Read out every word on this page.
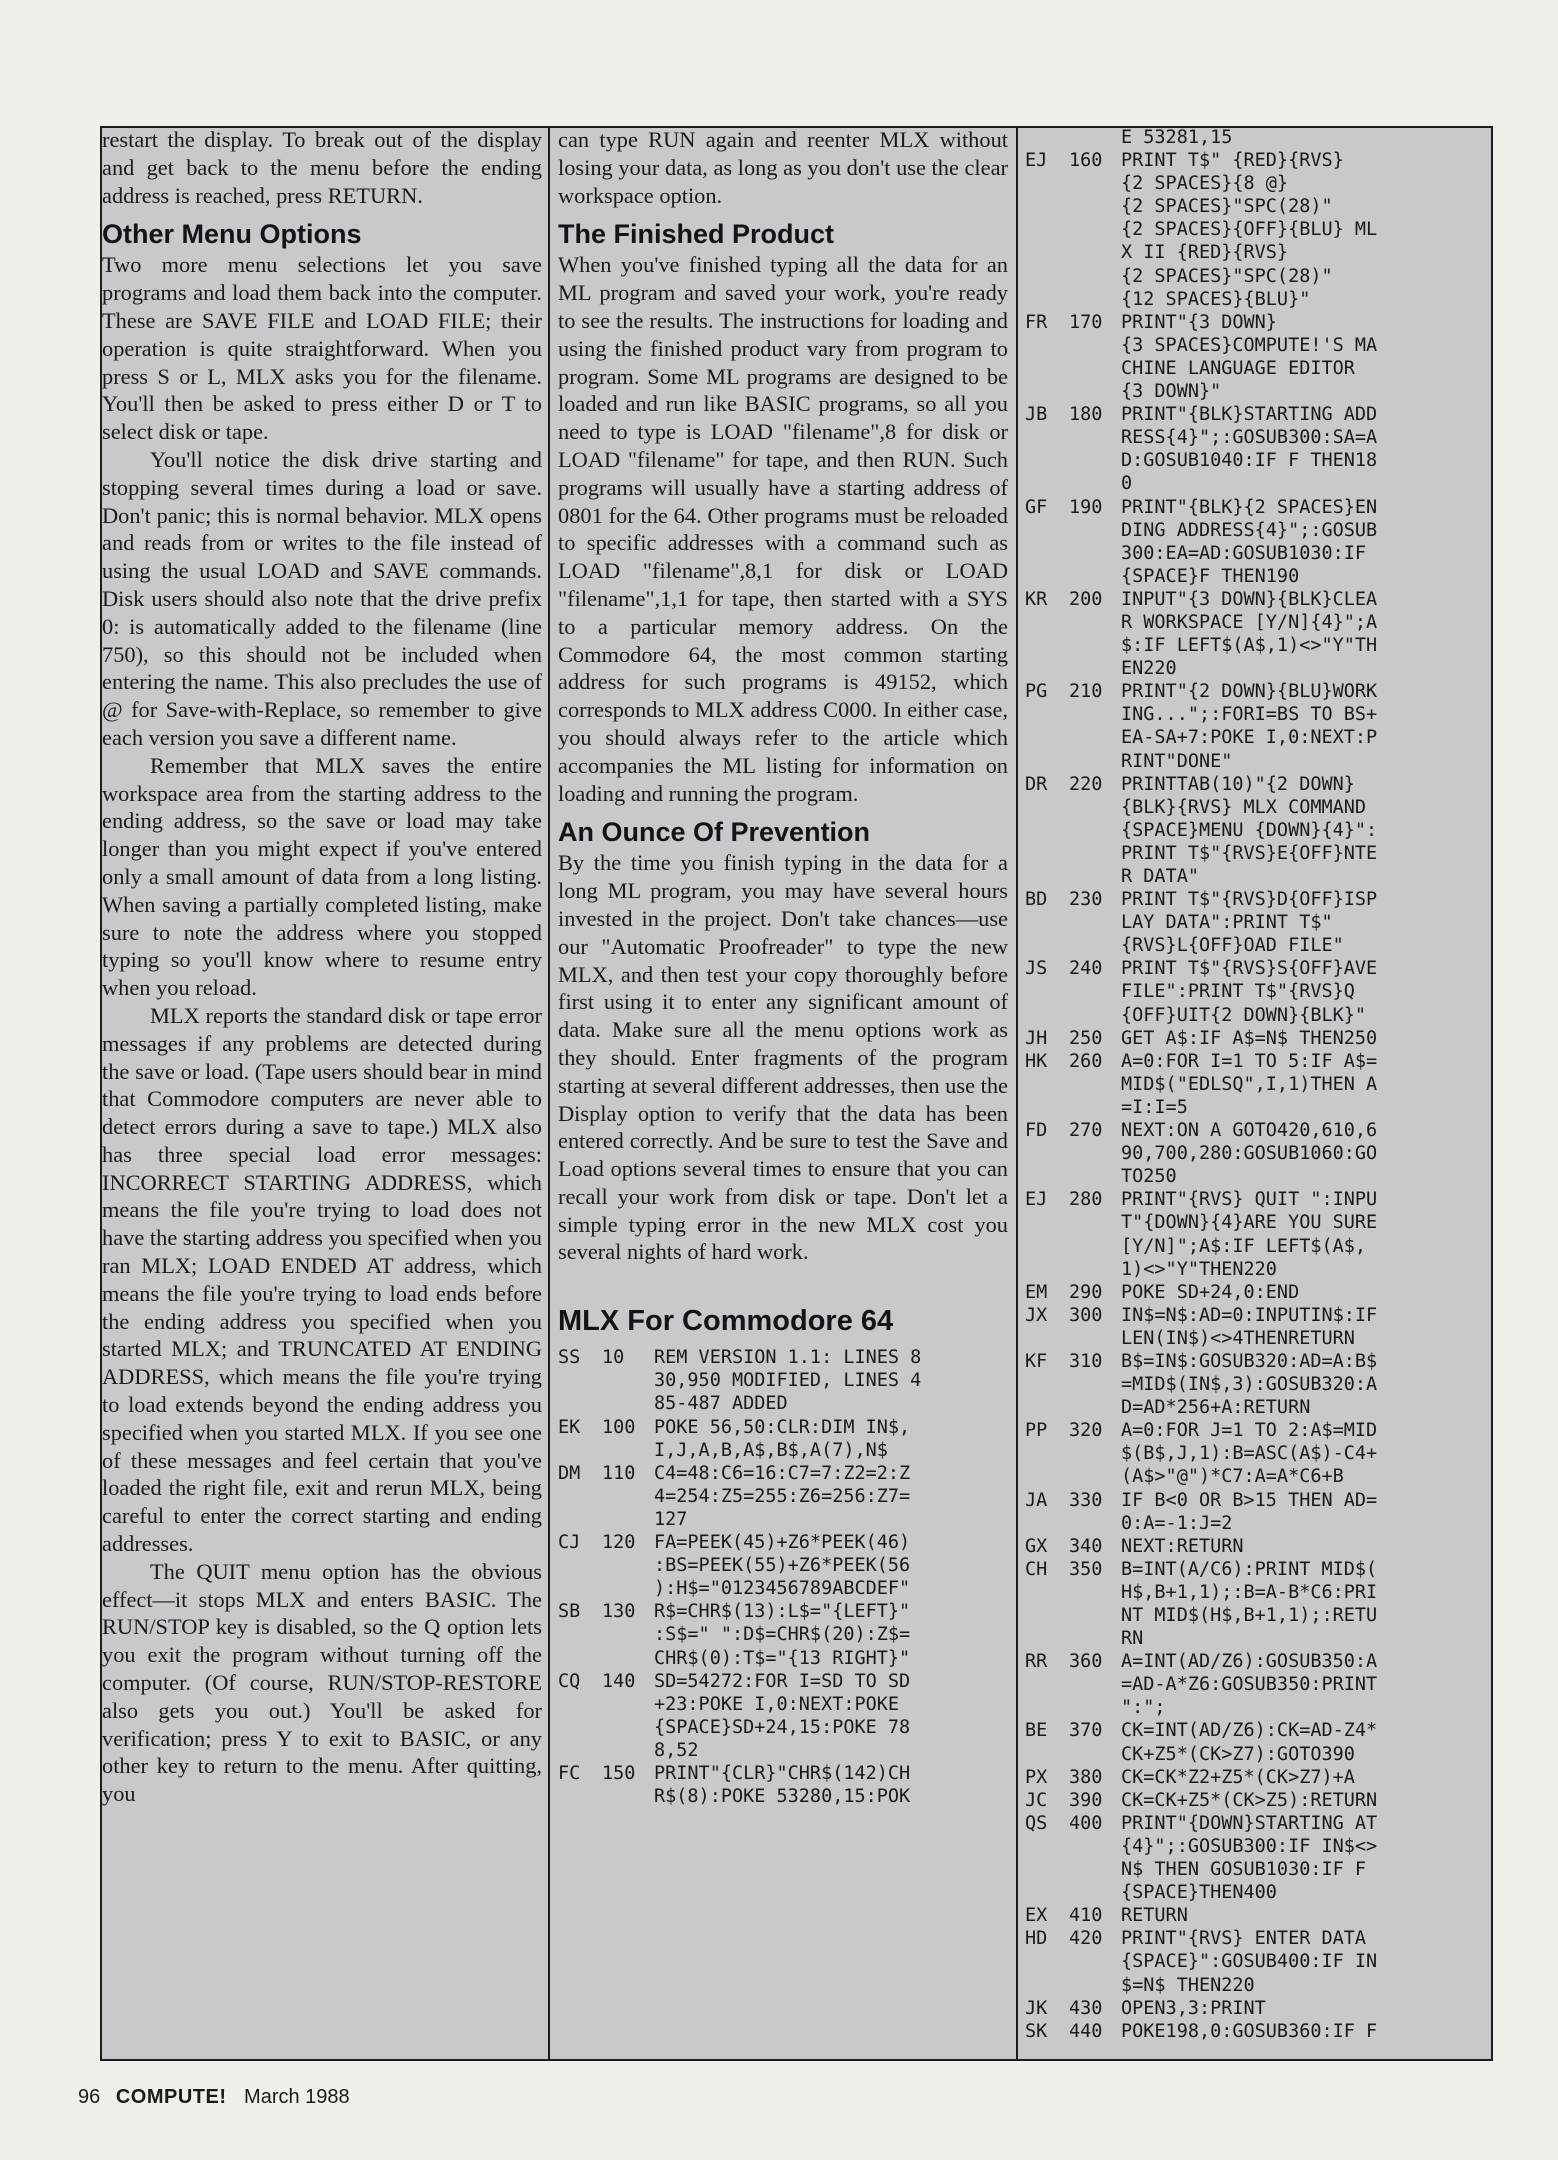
restart the display. To break out of the display and get back to the menu before the ending address is reached, press RETURN.

Other Menu Options

Two more menu selections let you save programs and load them back into the computer. These are SAVE FILE and LOAD FILE; their operation is quite straightforward. When you press S or L, MLX asks you for the filename. You'll then be asked to press either D or T to select disk or tape.

You'll notice the disk drive starting and stopping several times during a load or save. Don't panic; this is normal behavior. MLX opens and reads from or writes to the file instead of using the usual LOAD and SAVE commands. Disk users should also note that the drive prefix 0: is automatically added to the filename (line 750), so this should not be included when entering the name. This also precludes the use of @ for Save-with-Replace, so remember to give each version you save a different name.

Remember that MLX saves the entire workspace area from the starting address to the ending address, so the save or load may take longer than you might expect if you've entered only a small amount of data from a long listing. When saving a partially completed listing, make sure to note the address where you stopped typing so you'll know where to resume entry when you reload.

MLX reports the standard disk or tape error messages if any problems are detected during the save or load. (Tape users should bear in mind that Commodore computers are never able to detect errors during a save to tape.) MLX also has three special load error messages: INCORRECT STARTING ADDRESS, which means the file you're trying to load does not have the starting address you specified when you ran MLX; LOAD ENDED AT address, which means the file you're trying to load ends before the ending address you specified when you started MLX; and TRUNCATED AT ENDING ADDRESS, which means the file you're trying to load extends beyond the ending address you specified when you started MLX. If you see one of these messages and feel certain that you've loaded the right file, exit and rerun MLX, being careful to enter the correct starting and ending addresses.

The QUIT menu option has the obvious effect—it stops MLX and enters BASIC. The RUN/STOP key is disabled, so the Q option lets you exit the program without turning off the computer. (Of course, RUN/STOP-RESTORE also gets you out.) You'll be asked for verification; press Y to exit to BASIC, or any other key to return to the menu. After quitting, you

can type RUN again and reenter MLX without losing your data, as long as you don't use the clear workspace option.

The Finished Product

When you've finished typing all the data for an ML program and saved your work, you're ready to see the results. The instructions for loading and using the finished product vary from program to program. Some ML programs are designed to be loaded and run like BASIC programs, so all you need to type is LOAD "filename",8 for disk or LOAD "filename" for tape, and then RUN. Such programs will usually have a starting address of 0801 for the 64. Other programs must be reloaded to specific addresses with a command such as LOAD "filename",8,1 for disk or LOAD "filename",1,1 for tape, then started with a SYS to a particular memory address. On the Commodore 64, the most common starting address for such programs is 49152, which corresponds to MLX address C000. In either case, you should always refer to the article which accompanies the ML listing for information on loading and running the program.

An Ounce Of Prevention

By the time you finish typing in the data for a long ML program, you may have several hours invested in the project. Don't take chances—use our "Automatic Proofreader" to type the new MLX, and then test your copy thoroughly before first using it to enter any significant amount of data. Make sure all the menu options work as they should. Enter fragments of the program starting at several different addresses, then use the Display option to verify that the data has been entered correctly. And be sure to test the Save and Load options several times to ensure that you can recall your work from disk or tape. Don't let a simple typing error in the new MLX cost you several nights of hard work.

MLX For Commodore 64
SS	10	REM VERSION 1.1: LINES 8
30,950 MODIFIED, LINES 4
85-487 ADDED
EK	100	POKE 56,50:CLR:DIM IN$,
I,J,A,B,A$,B$,A(7),N$
DM	110	C4=48:C6=16:C7=7:Z2=2:Z
4=254:Z5=255:Z6=256:Z7=
127
CJ	120	FA=PEEK(45)+Z6*PEEK(46)
:BS=PEEK(55)+Z6*PEEK(56
):H$="0123456789ABCDEF"
SB	130	R$=CHR$(13):L$="{LEFT}"
:S$=" ":D$=CHR$(20):Z$=
CHR$(0):T$="{13 RIGHT}"
CQ	140	SD=54272:FOR I=SD TO SD
+23:POKE I,0:NEXT:POKE
{SPACE}SD+24,15:POKE 78
8,52
FC	150	PRINT"{CLR}"CHR$(142)CH
R$(8):POKE 53280,15:POK
E 53281,15
EJ	160	PRINT T$" {RED}{RVS}
{2 SPACES}{8 @}
{2 SPACES}"SPC(28)"
{2 SPACES}{OFF}{BLU} ML
X II {RED}{RVS}
{2 SPACES}"SPC(28)"
{12 SPACES}{BLU}"
FR	170	PRINT"{3 DOWN}
{3 SPACES}COMPUTE!'S MA
CHINE LANGUAGE EDITOR
{3 DOWN}"
JB	180	PRINT"{BLK}STARTING ADD
RESS{4}";:GOSUB300:SA=A
D:GOSUB1040:IF F THEN18
0
GF	190	PRINT"{BLK}{2 SPACES}EN
DING ADDRESS{4}";:GOSUB
300:EA=AD:GOSUB1030:IF
{SPACE}F THEN190
KR	200	INPUT"{3 DOWN}{BLK}CLEA
R WORKSPACE [Y/N]{4}";A
$:IF LEFT$(A$,1)<>"Y"TH
EN220
PG	210	PRINT"{2 DOWN}{BLU}WORK
ING...";:FORI=BS TO BS+
EA-SA+7:POKE I,0:NEXT:P
RINT"DONE"
DR	220	PRINTTAB(10)"{2 DOWN}
{BLK}{RVS} MLX COMMAND
{SPACE}MENU {DOWN}{4}":
PRINT T$"{RVS}E{OFF}NTE
R DATA"
BD	230	PRINT T$"{RVS}D{OFF}ISP
LAY DATA":PRINT T$"
{RVS}L{OFF}OAD FILE"
JS	240	PRINT T$"{RVS}S{OFF}AVE
FILE":PRINT T$"{RVS}Q
{OFF}UIT{2 DOWN}{BLK}"
JH	250	GET A$:IF A$=N$ THEN250
HK	260	A=0:FOR I=1 TO 5:IF A$=
MID$("EDLSQ",I,1)THEN A
=I:I=5
FD	270	NEXT:ON A GOTO420,610,6
90,700,280:GOSUB1060:GO
TO250
EJ	280	PRINT"{RVS} QUIT ":INPU
T"{DOWN}{4}ARE YOU SURE
[Y/N]";A$:IF LEFT$(A$,
1)<>"Y"THEN220
EM	290	POKE SD+24,0:END
JX	300	IN$=N$:AD=0:INPUTIN$:IF
LEN(IN$)<>4THENRETURN
KF	310	B$=IN$:GOSUB320:AD=A:B$
=MID$(IN$,3):GOSUB320:A
D=AD*256+A:RETURN
PP	320	A=0:FOR J=1 TO 2:A$=MID
$(B$,J,1):B=ASC(A$)-C4+
(A$>"@")*C7:A=A*C6+B
JA	330	IF B<0 OR B>15 THEN AD=
0:A=-1:J=2
GX	340	NEXT:RETURN
CH	350	B=INT(A/C6):PRINT MID$(
H$,B+1,1);:B=A-B*C6:PRI
NT MID$(H$,B+1,1);:RETU
RN
RR	360	A=INT(AD/Z6):GOSUB350:A
=AD-A*Z6:GOSUB350:PRINT
":";
BE	370	CK=INT(AD/Z6):CK=AD-Z4*
CK+Z5*(CK>Z7):GOTO390
PX	380	CK=CK*Z2+Z5*(CK>Z7)+A
JC	390	CK=CK+Z5*(CK>Z5):RETURN
QS	400	PRINT"{DOWN}STARTING AT
{4}";:GOSUB300:IF IN$<>
N$ THEN GOSUB1030:IF F
{SPACE}THEN400
EX	410	RETURN
HD	420	PRINT"{RVS} ENTER DATA
{SPACE}":GOSUB400:IF IN
$=N$ THEN220
JK	430	OPEN3,3:PRINT
SK	440	POKE198,0:GOSUB360:IF F
96 COMPUTE! March 1988
